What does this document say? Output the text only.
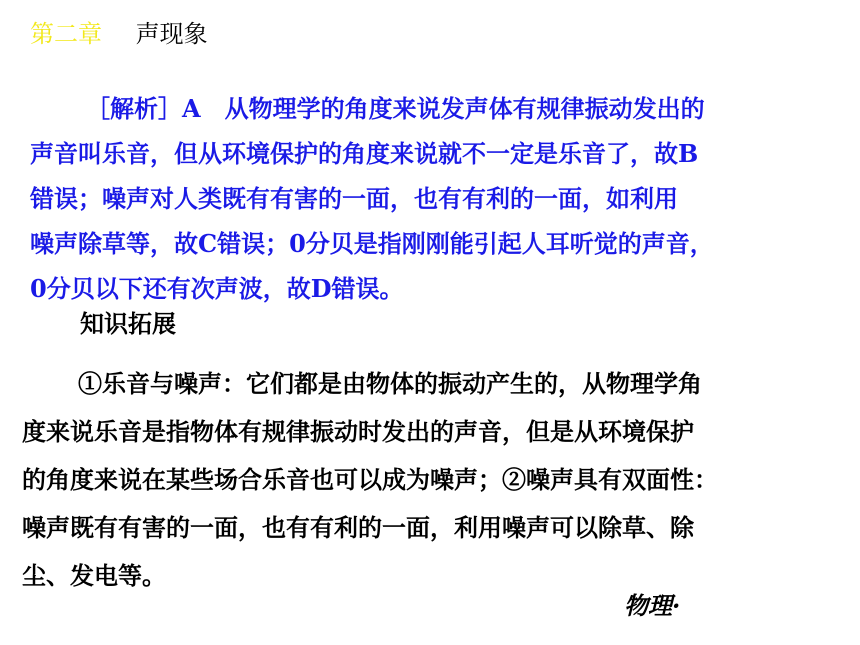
第二章 声现象
［解析］A　从物理学的角度来说发声体有规律振动发出的
声音叫乐音，但从环境保护的角度来说就不一定是乐音了，故B
错误；噪声对人类既有有害的一面，也有有利的一面，如利用
噪声除草等，故C错误；0分贝是指刚刚能引起人耳听觉的声音，
0分贝以下还有次声波，故D错误。
知识拓展
①乐音与噪声：它们都是由物体的振动产生的，从物理学角
度来说乐音是指物体有规律振动时发出的声音，但是从环境保护
的角度来说在某些场合乐音也可以成为噪声；②噪声具有双面性：
噪声既有有害的一面，也有有利的一面，利用噪声可以除草、除
尘、发电等。
物理·
